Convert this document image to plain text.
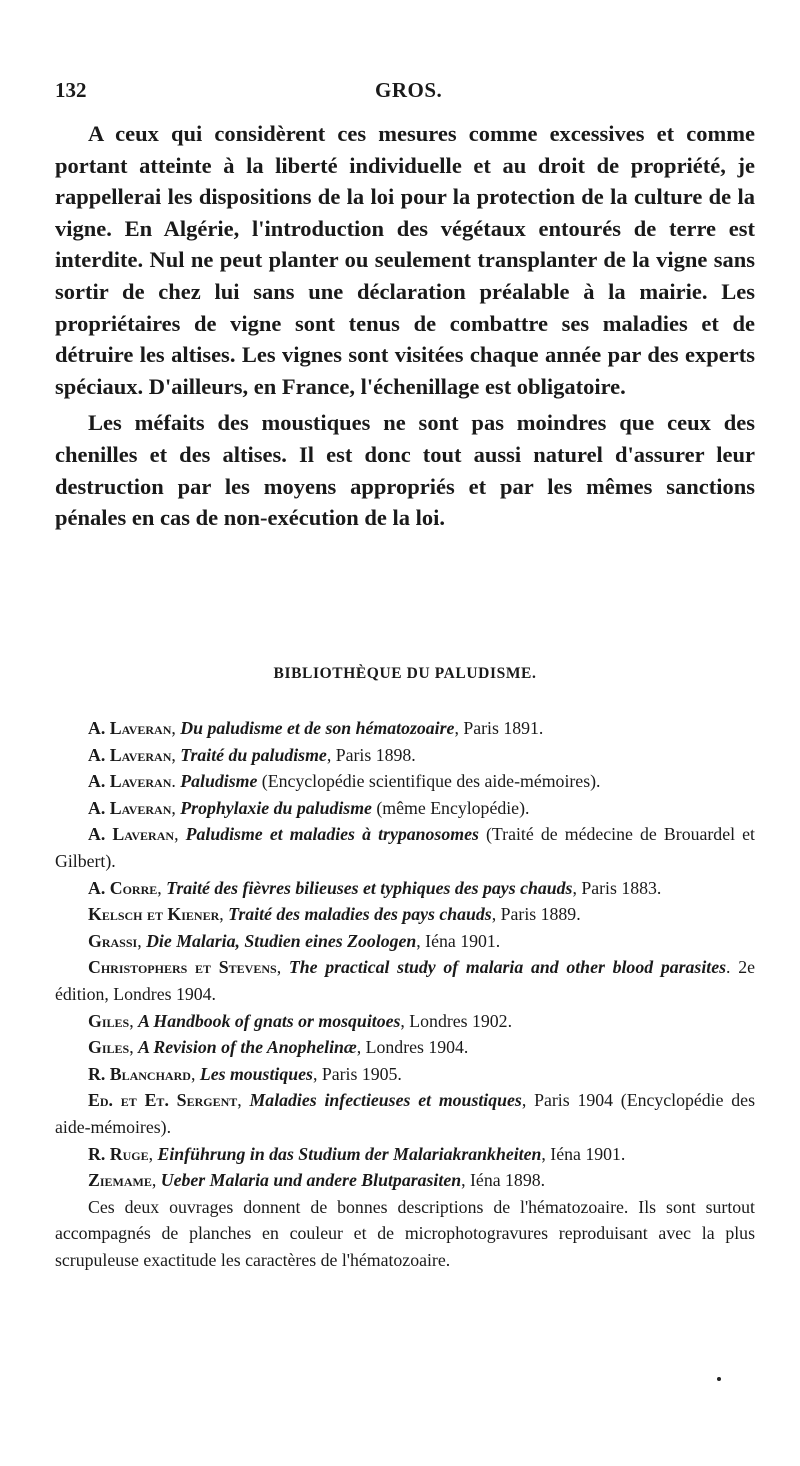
132	GROS.

A ceux qui considèrent ces mesures comme excessives et comme portant atteinte à la liberté individuelle et au droit de propriété, je rappellerai les dispositions de la loi pour la protection de la culture de la vigne. En Algérie, l'introduction des végétaux entourés de terre est interdite. Nul ne peut planter ou seulement transplanter de la vigne sans sortir de chez lui sans une déclaration préalable à la mairie. Les propriétaires de vigne sont tenus de combattre ses maladies et de détruire les altises. Les vignes sont visitées chaque année par des experts spéciaux. D'ailleurs, en France, l'échenillage est obligatoire.

Les méfaits des moustiques ne sont pas moindres que ceux des chenilles et des altises. Il est donc tout aussi naturel d'assurer leur destruction par les moyens appropriés et par les mêmes sanctions pénales en cas de non-exécution de la loi.

BIBLIOTHÈQUE DU PALUDISME.

A. Laveran, Du paludisme et de son hématozoaire, Paris 1891.

A. Laveran, Traité du paludisme, Paris 1898.

A. Laveran. Paludisme (Encyclopédie scientifique des aide-mémoires).

A. Laveran, Prophylaxie du paludisme (même Encylopédie).

A. Laveran, Paludisme et maladies à trypanosomes (Traité de médecine de Brouardel et Gilbert).

A. Corre, Traité des fièvres bilieuses et typhiques des pays chauds, Paris 1883.

Kelsch et Kiener, Traité des maladies des pays chauds, Paris 1889.

Grassi, Die Malaria, Studien eines Zoologen, Iéna 1901.

Christophers et Stevens, The practical study of malaria and other blood parasites. 2e édition, Londres 1904.

Giles, A Handbook of gnats or mosquitoes, Londres 1902.

Giles, A Revision of the Anophelinæ, Londres 1904.

R. Blanchard, Les moustiques, Paris 1905.

Ed. et Et. Sergent, Maladies infectieuses et moustiques, Paris 1904 (Encyclopédie des aide-mémoires).

R. Ruge, Einführung in das Studium der Malariakrankheiten, Iéna 1901.

Ziemame, Ueber Malaria und andere Blutparasiten, Iéna 1898.

Ces deux ouvrages donnent de bonnes descriptions de l'hématozoaire. Ils sont surtout accompagnés de planches en couleur et de microphotogravures reproduisant avec la plus scrupuleuse exactitude les caractères de l'hématozoaire.
